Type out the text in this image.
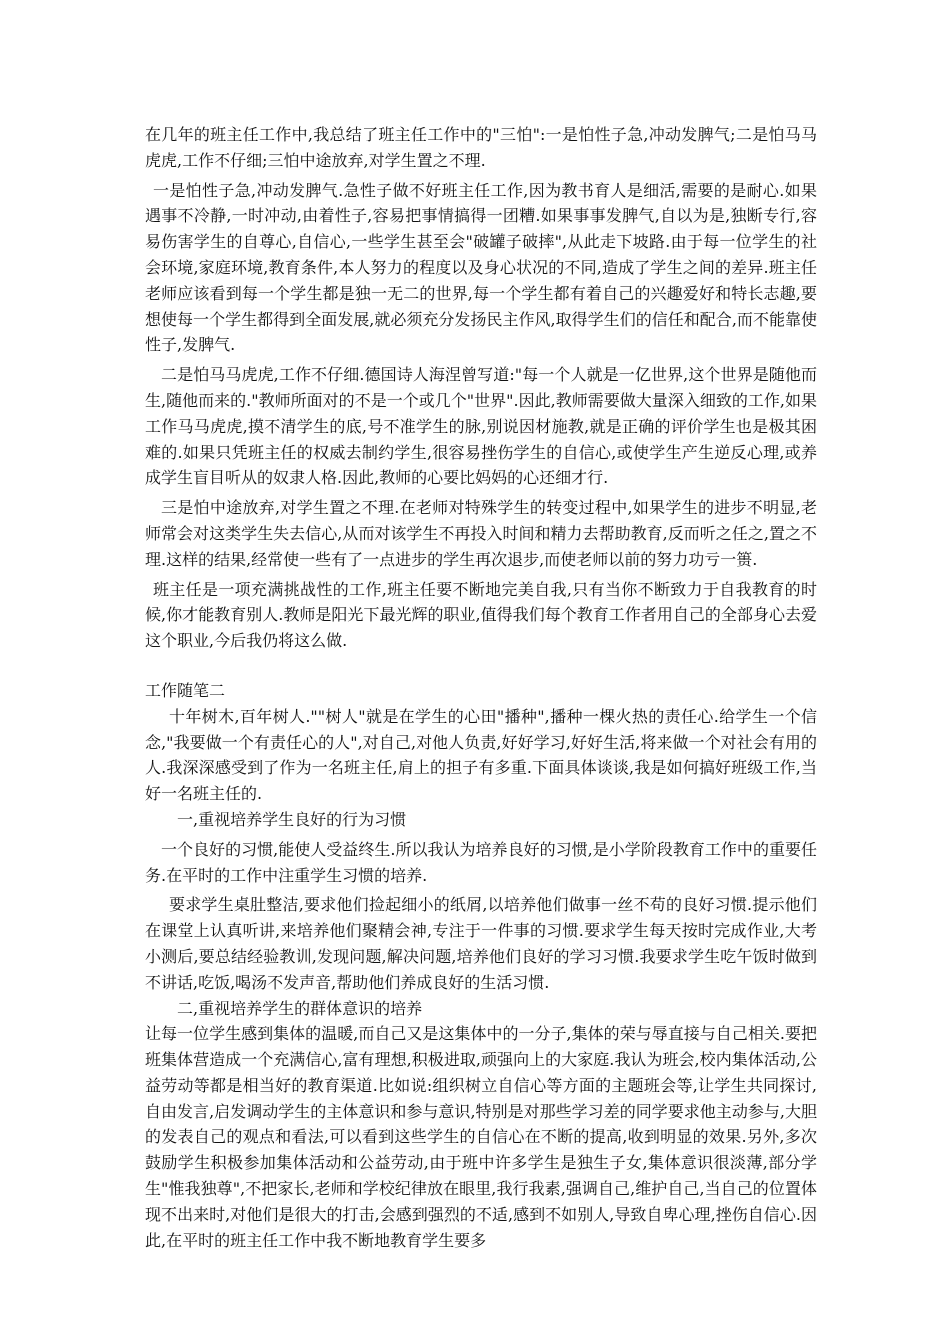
在几年的班主任工作中,我总结了班主任工作中的"三怕":一是怕性子急,冲动发脾气;二是怕马马虎虎,工作不仔细;三怕中途放弃,对学生置之不理.

一是怕性子急,冲动发脾气.急性子做不好班主任工作,因为教书育人是细活,需要的是耐心.如果遇事不冷静,一时冲动,由着性子,容易把事情搞得一团糟.如果事事发脾气,自以为是,独断专行,容易伤害学生的自尊心,自信心,一些学生甚至会"破罐子破摔",从此走下坡路.由于每一位学生的社会环境,家庭环境,教育条件,本人努力的程度以及身心状况的不同,造成了学生之间的差异.班主任老师应该看到每一个学生都是独一无二的世界,每一个学生都有着自己的兴趣爱好和特长志趣,要想使每一个学生都得到全面发展,就必须充分发扬民主作风,取得学生们的信任和配合,而不能靠使性子,发脾气.

二是怕马马虎虎,工作不仔细.德国诗人海涅曾写道:"每一个人就是一亿世界,这个世界是随他而生,随他而来的."教师所面对的不是一个或几个"世界".因此,教师需要做大量深入细致的工作,如果工作马马虎虎,摸不清学生的底,号不准学生的脉,别说因材施教,就是正确的评价学生也是极其困难的.如果只凭班主任的权威去制约学生,很容易挫伤学生的自信心,或使学生产生逆反心理,或养成学生盲目听从的奴隶人格.因此,教师的心要比妈妈的心还细才行.

三是怕中途放弃,对学生置之不理.在老师对特殊学生的转变过程中,如果学生的进步不明显,老师常会对这类学生失去信心,从而对该学生不再投入时间和精力去帮助教育,反而听之任之,置之不理.这样的结果,经常使一些有了一点进步的学生再次退步,而使老师以前的努力功亏一篑.

班主任是一项充满挑战性的工作,班主任要不断地完美自我,只有当你不断致力于自我教育的时候,你才能教育别人.教师是阳光下最光辉的职业,值得我们每个教育工作者用自己的全部身心去爱这个职业,今后我仍将这么做.

工作随笔二

十年树木,百年树人.""树人"就是在学生的心田"播种",播种一棵火热的责任心.给学生一个信念,"我要做一个有责任心的人",对自己,对他人负责,好好学习,好好生活,将来做一个对社会有用的人.我深深感受到了作为一名班主任,肩上的担子有多重.下面具体谈谈,我是如何搞好班级工作,当好一名班主任的.

一,重视培养学生良好的行为习惯

一个良好的习惯,能使人受益终生.所以我认为培养良好的习惯,是小学阶段教育工作中的重要任务.在平时的工作中注重学生习惯的培养.

要求学生桌肚整洁,要求他们捡起细小的纸屑,以培养他们做事一丝不苟的良好习惯.提示他们在课堂上认真听讲,来培养他们聚精会神,专注于一件事的习惯.要求学生每天按时完成作业,大考小测后,要总结经验教训,发现问题,解决问题,培养他们良好的学习习惯.我要求学生吃午饭时做到不讲话,吃饭,喝汤不发声音,帮助他们养成良好的生活习惯.

二,重视培养学生的群体意识的培养

让每一位学生感到集体的温暖,而自己又是这集体中的一分子,集体的荣与辱直接与自己相关.要把班集体营造成一个充满信心,富有理想,积极进取,顽强向上的大家庭.我认为班会,校内集体活动,公益劳动等都是相当好的教育渠道.比如说:组织树立自信心等方面的主题班会等,让学生共同探讨,自由发言,启发调动学生的主体意识和参与意识,特别是对那些学习差的同学要求他主动参与,大胆的发表自己的观点和看法,可以看到这些学生的自信心在不断的提高,收到明显的效果.另外,多次鼓励学生积极参加集体活动和公益劳动,由于班中许多学生是独生子女,集体意识很淡薄,部分学生"惟我独尊",不把家长,老师和学校纪律放在眼里,我行我素,强调自己,维护自己,当自己的位置体现不出来时,对他们是很大的打击,会感到强烈的不适,感到不如别人,导致自卑心理,挫伤自信心.因此,在平时的班主任工作中我不断地教育学生要多
